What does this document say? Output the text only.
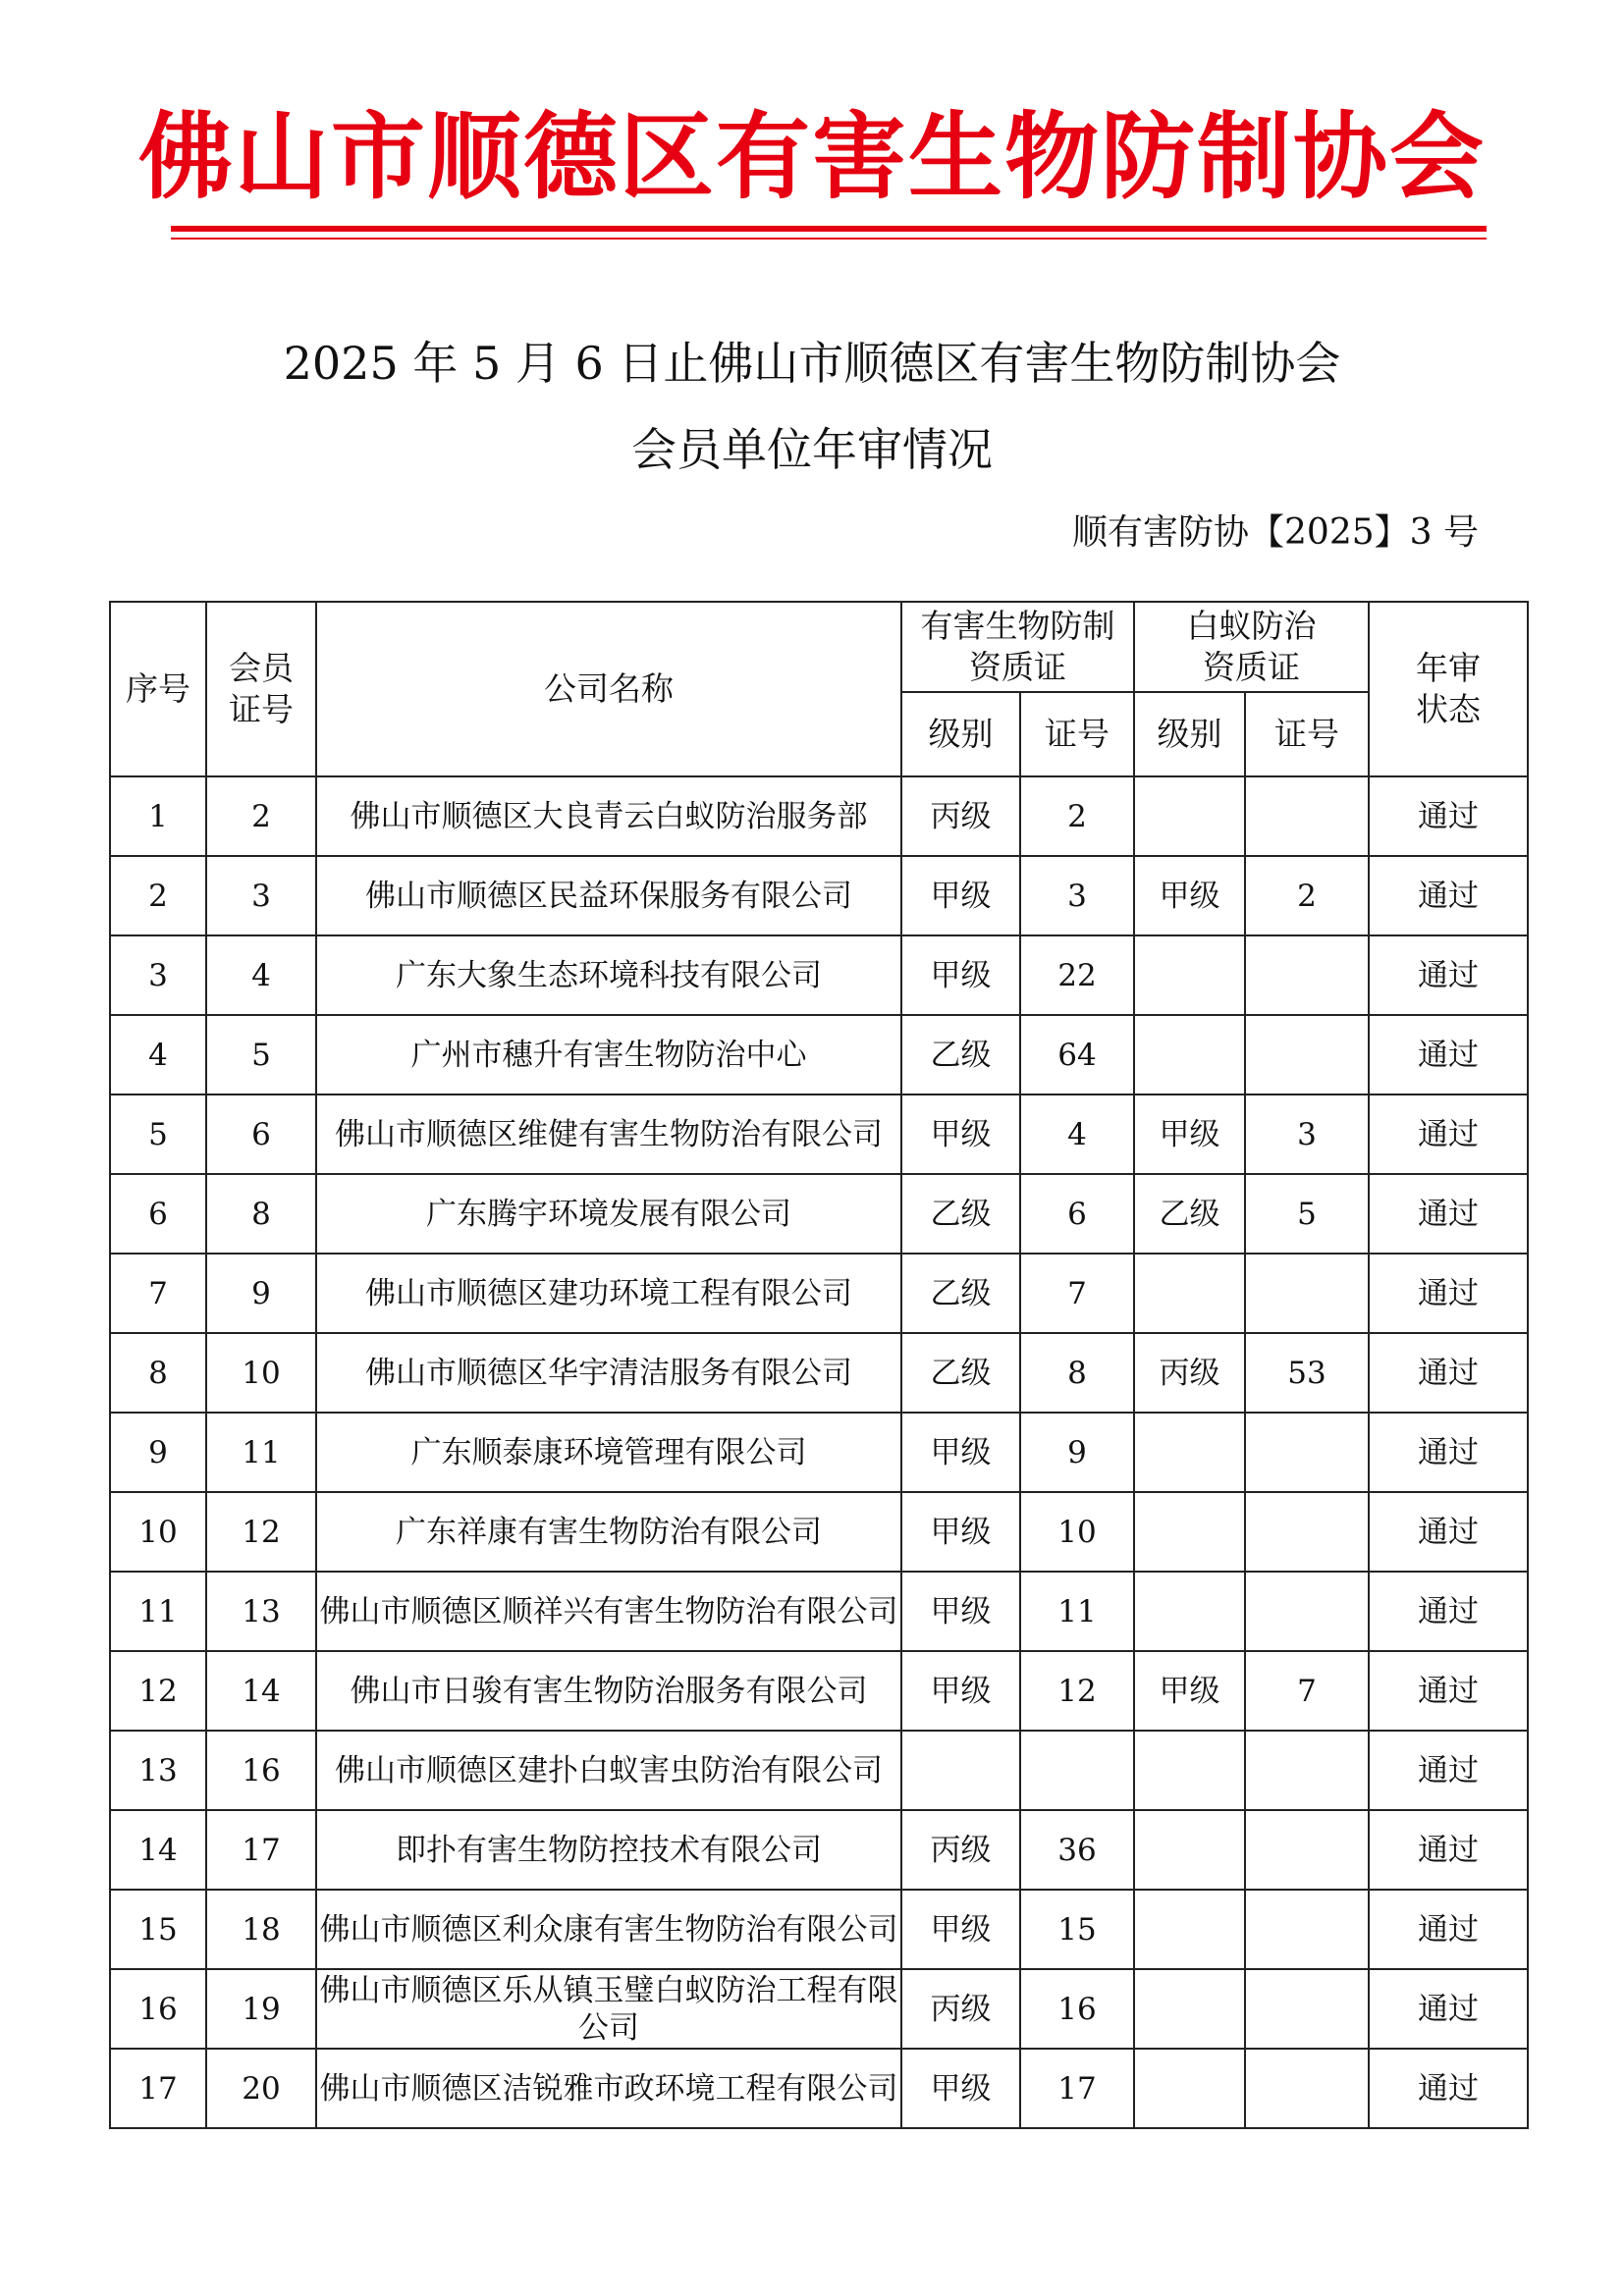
佛山市顺德区有害生物防制协会
2025 年 5 月 6 日止佛山市顺德区有害生物防制协会
会员单位年审情况
顺有害防协【2025】3 号
序号	会员证号	公司名称	有害生物防制资质证		白蚁防治资质证		年审状态

			级别	证号	级别	证号	
1	2	佛山市顺德区大良青云白蚁防治服务部	丙级	2			通过
2	3	佛山市顺德区民益环保服务有限公司	甲级	3	甲级	2	通过
3	4	广东大象生态环境科技有限公司	甲级	22			通过
4	5	广州市穗升有害生物防治中心	乙级	64			通过
5	6	佛山市顺德区维健有害生物防治有限公司	甲级	4	甲级	3	通过
6	8	广东腾宇环境发展有限公司	乙级	6	乙级	5	通过
7	9	佛山市顺德区建功环境工程有限公司	乙级	7			通过
8	10	佛山市顺德区华宇清洁服务有限公司	乙级	8	丙级	53	通过
9	11	广东顺泰康环境管理有限公司	甲级	9			通过
10	12	广东祥康有害生物防治有限公司	甲级	10			通过
11	13	佛山市顺德区顺祥兴有害生物防治有限公司	甲级	11			通过
12	14	佛山市日骏有害生物防治服务有限公司	甲级	12	甲级	7	通过
13	16	佛山市顺德区建扑白蚁害虫防治有限公司					通过
14	17	即扑有害生物防控技术有限公司	丙级	36			通过
15	18	佛山市顺德区利众康有害生物防治有限公司	甲级	15			通过
16	19	佛山市顺德区乐从镇玉璧白蚁防治工程有限公司	丙级	16			通过
17	20	佛山市顺德区洁锐雅市政环境工程有限公司	甲级	17			通过
